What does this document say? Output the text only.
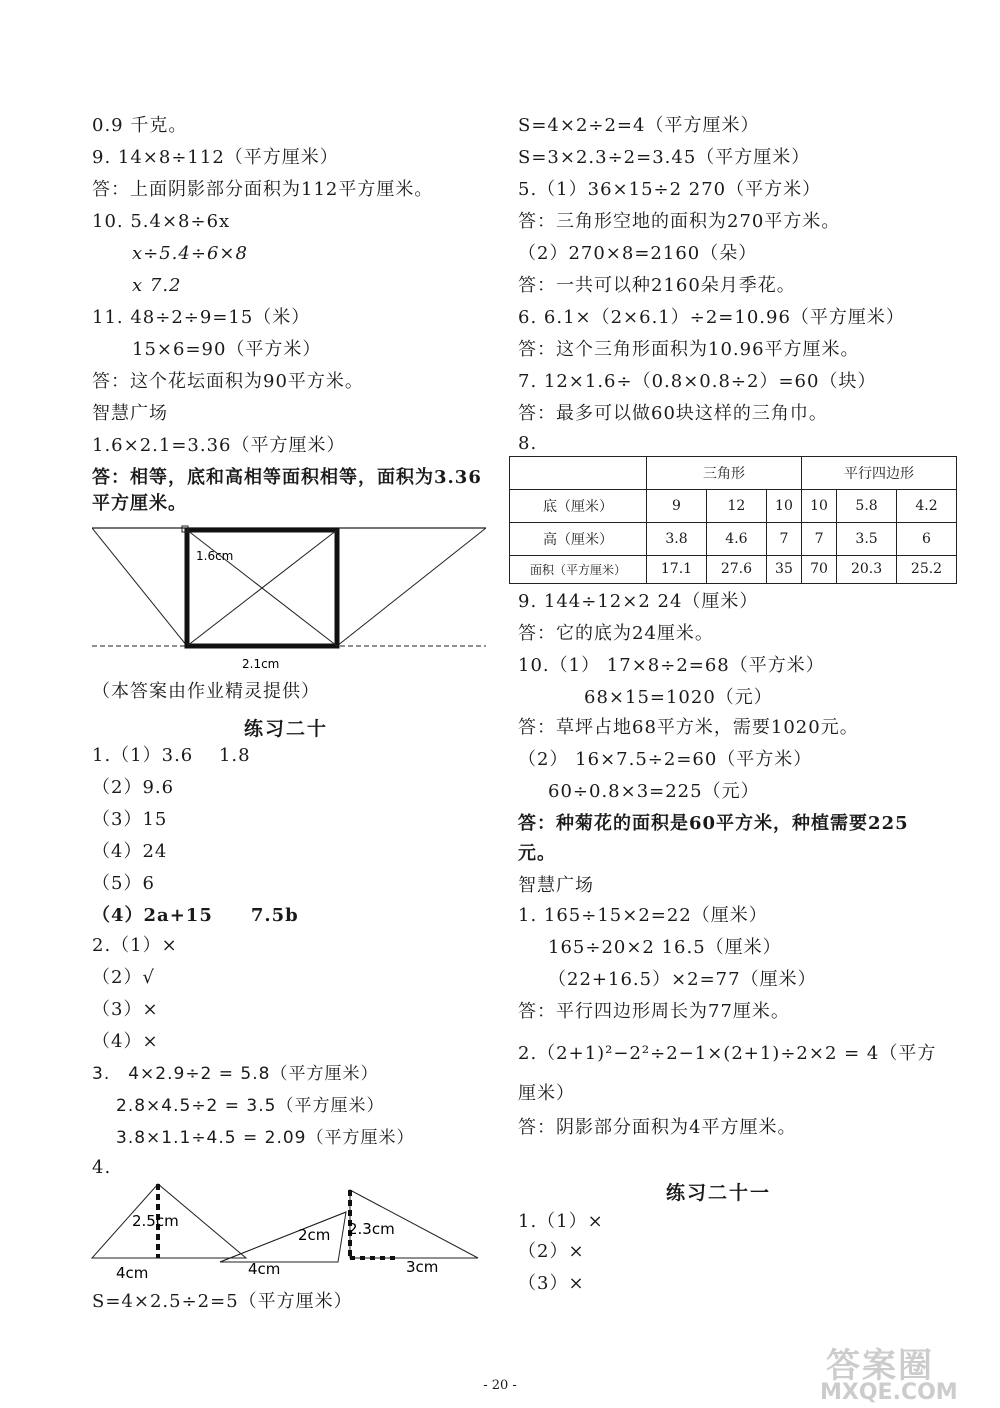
0.9 千克。
9. 14×8÷112（平方厘米）
答：上面阴影部分面积为112平方厘米。
10. 5.4×8÷6x
x÷5.4÷6×8
x 7.2
11. 48÷2÷9=15（米）
15×6=90（平方米）
答：这个花坛面积为90平方米。
智慧广场
1.6×2.1=3.36（平方厘米）
答：相等，底和高相等面积相等，面积为3.36
平方厘米。
1.6cm
2.1cm
（本答案由作业精灵提供）
练习二十
1.（1）3.6　 1.8
（2）9.6
（3）15
（4）24
（5）6
（4）2a+15　　7.5b
2.（1）×
（2）√
（3）×
（4）×
3.　4×2.9÷2 = 5.8（平方厘米）
2.8×4.5÷2 = 3.5（平方厘米）
3.8×1.1÷4.5 = 2.09（平方厘米）
4.
2.5cm
4cm
2cm
4cm
2.3cm
3cm
S=4×2.5÷2=5（平方厘米）
S=4×2÷2=4（平方厘米）
S=3×2.3÷2=3.45（平方厘米）
5.（1）36×15÷2 270（平方米）
答：三角形空地的面积为270平方米。
（2）270×8=2160（朵）
答：一共可以种2160朵月季花。
6. 6.1×（2×6.1）÷2=10.96（平方厘米）
答：这个三角形面积为10.96平方厘米。
7. 12×1.6÷（0.8×0.8÷2）=60（块）
答：最多可以做60块这样的三角巾。
8.
	三角形			平行四边形		
底（厘米）	9	12	10	10	5.8	4.2
高（厘米）	3.8	4.6	7	7	3.5	6
面积（平方厘米）	17.1	27.6	35	70	20.3	25.2
9. 144÷12×2 24（厘米）
答：它的底为24厘米。
10.（1） 17×8÷2=68（平方米）
68×15=1020（元）
答：草坪占地68平方米，需要1020元。
（2） 16×7.5÷2=60（平方米）
60÷0.8×3=225（元）
答：种菊花的面积是60平方米，种植需要225
元。
智慧广场
1. 165÷15×2=22（厘米）
165÷20×2 16.5（厘米）
（22+16.5）×2=77（厘米）
答：平行四边形周长为77厘米。
2.（2+1)²−2²÷2−1×(2+1)÷2×2 = 4（平方
厘米）
答：阴影部分面积为4平方厘米。
练习二十一
1.（1）×
（2）×
（3）×
- 20 -	答案圈
MXQE.COM
